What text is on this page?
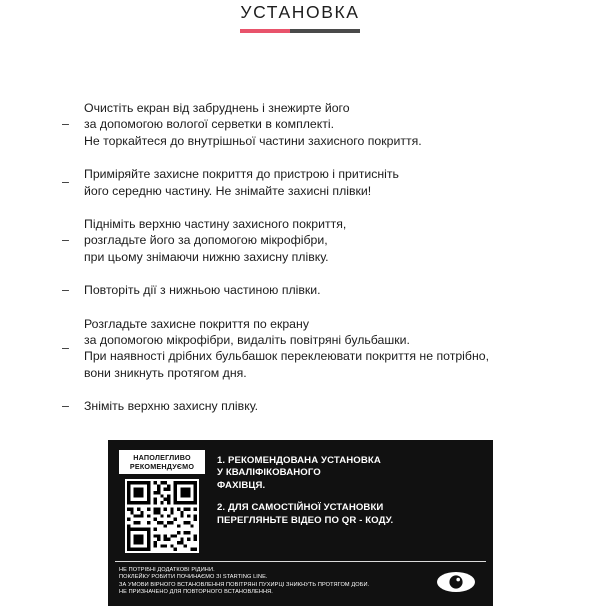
УСТАНОВКА
–
Очистіть екран від забруднень і знежирте його
за допомогою вологої серветки в комплекті.
Не торкайтеся до внутрішньої частини захисного покриття.
–
Приміряйте захисне покриття до пристрою і притисніть
його середню частину. Не знімайте захисні плівки!
–
Підніміть верхню частину захисного покриття,
розгладьте його за допомогою мікрофібри,
при цьому знімаючи нижню захисну плівку.
–	Повторіть дії з нижньою частиною плівки.
–
Розгладьте захисне покриття по екрану
за допомогою мікрофібри, видаліть повітряні бульбашки.
При наявності дрібних бульбашок переклеювати покриття не потрібно,
вони зникнуть протягом дня.
–	Зніміть верхню захисну плівку.
НАПОЛЕГЛИВО
РЕКОМЕНДУЄМО

1. РЕКОМЕНДОВАНА УСТАНОВКА
У КВАЛІФІКОВАНОГО
ФАХІВЦЯ.

2. ДЛЯ САМОСТІЙНОЇ УСТАНОВКИ
ПЕРЕГЛЯНЬТЕ ВІДЕО ПО QR - КОДУ.

НЕ ПОТРІБНІ ДОДАТКОВІ РІДИНИ.
ПОКЛЕЙКУ РОБИТИ ПОЧИНАЄМО ЗІ STARTING LINE.
ЗА УМОВИ ВІРНОГО ВСТАНОВЛЕННЯ ПОВІТРЯНІ ПУХИРЦІ ЗНИКНУТЬ ПРОТЯГОМ ДОБИ.
НЕ ПРИЗНАЧЕНО ДЛЯ ПОВТОРНОГО ВСТАНОВЛЕННЯ.
